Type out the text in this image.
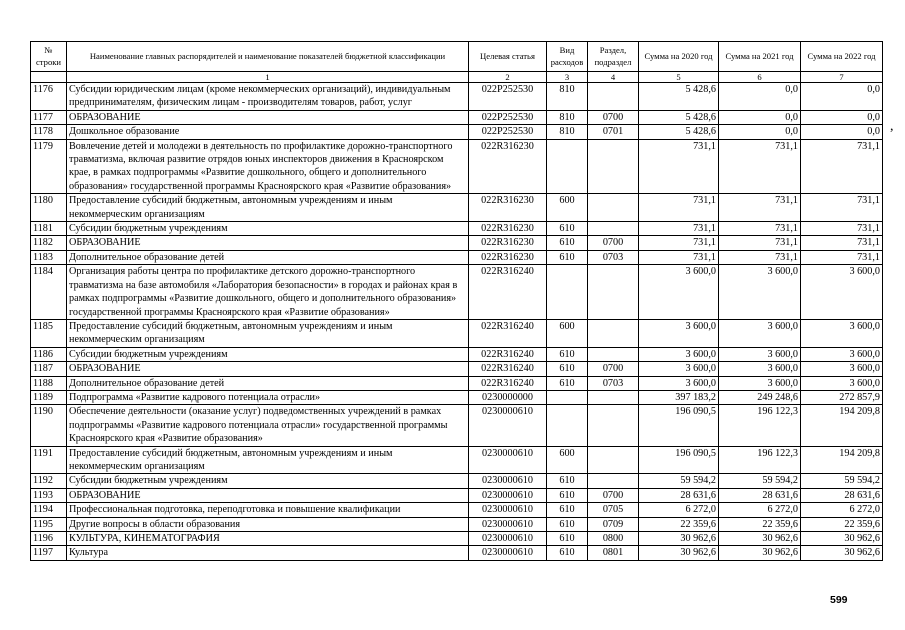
№ строки	Наименование главных распорядителей и наименование показателей бюджетной классификации	Целевая статья	Вид расходов	Раздел, подраздел	Сумма на 2020 год	Сумма на 2021 год	Сумма на 2022 год
	1	2	3	4	5	6	7
1176	Субсидии юридическим лицам (кроме некоммерческих организаций), индивидуальным предпринимателям, физическим лицам - производителям товаров, работ, услуг	022P252530	810		5 428,6	0,0	0,0
1177	ОБРАЗОВАНИЕ	022P252530	810	0700	5 428,6	0,0	0,0
1178	Дошкольное образование	022P252530	810	0701	5 428,6	0,0	0,0
1179	Вовлечение детей и молодежи в деятельность по профилактике дорожно-транспортного травматизма, включая развитие отрядов юных инспекторов движения в Красноярском крае, в рамках подпрограммы «Развитие дошкольного, общего и дополнительного образования» государственной программы Красноярского края «Развитие образования»	022R316230			731,1	731,1	731,1
1180	Предоставление субсидий бюджетным, автономным учреждениям и иным некоммерческим организациям	022R316230	600		731,1	731,1	731,1
1181	Субсидии бюджетным учреждениям	022R316230	610		731,1	731,1	731,1
1182	ОБРАЗОВАНИЕ	022R316230	610	0700	731,1	731,1	731,1
1183	Дополнительное образование детей	022R316230	610	0703	731,1	731,1	731,1
1184	Организация работы центра по профилактике детского дорожно-транспортного травматизма на базе автомобиля «Лаборатория безопасности» в городах и районах края в рамках подпрограммы «Развитие дошкольного, общего и дополнительного образования» государственной программы Красноярского края «Развитие образования»	022R316240			3 600,0	3 600,0	3 600,0
1185	Предоставление субсидий бюджетным, автономным учреждениям и иным некоммерческим организациям	022R316240	600		3 600,0	3 600,0	3 600,0
1186	Субсидии бюджетным учреждениям	022R316240	610		3 600,0	3 600,0	3 600,0
1187	ОБРАЗОВАНИЕ	022R316240	610	0700	3 600,0	3 600,0	3 600,0
1188	Дополнительное образование детей	022R316240	610	0703	3 600,0	3 600,0	3 600,0
1189	Подпрограмма «Развитие кадрового потенциала отрасли»	0230000000			397 183,2	249 248,6	272 857,9
1190	Обеспечение деятельности (оказание услуг) подведомственных учреждений в рамках подпрограммы «Развитие кадрового потенциала отрасли» государственной программы Красноярского края «Развитие образования»	0230000610			196 090,5	196 122,3	194 209,8
1191	Предоставление субсидий бюджетным, автономным учреждениям и иным некоммерческим организациям	0230000610	600		196 090,5	196 122,3	194 209,8
1192	Субсидии бюджетным учреждениям	0230000610	610		59 594,2	59 594,2	59 594,2
1193	ОБРАЗОВАНИЕ	0230000610	610	0700	28 631,6	28 631,6	28 631,6
1194	Профессиональная подготовка, переподготовка и повышение квалификации	0230000610	610	0705	6 272,0	6 272,0	6 272,0
1195	Другие вопросы в области образования	0230000610	610	0709	22 359,6	22 359,6	22 359,6
1196	КУЛЬТУРА, КИНЕМАТОГРАФИЯ	0230000610	610	0800	30 962,6	30 962,6	30 962,6
1197	Культура	0230000610	610	0801	30 962,6	30 962,6	30 962,6
,
599
